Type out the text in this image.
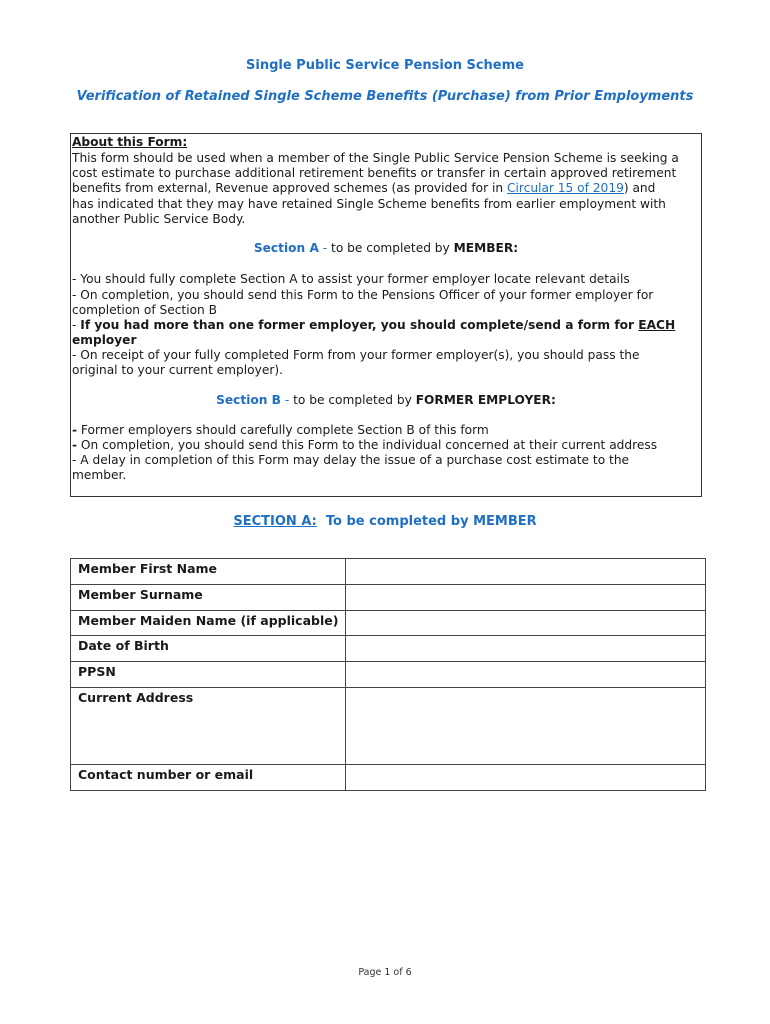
Single Public Service Pension Scheme
Verification of Retained Single Scheme Benefits (Purchase) from Prior Employments
About this Form:
This form should be used when a member of the Single Public Service Pension Scheme is seeking a
cost estimate to purchase additional retirement benefits or transfer in certain approved retirement
benefits from external, Revenue approved schemes (as provided for in Circular 15 of 2019) and
has indicated that they may have retained Single Scheme benefits from earlier employment with
another Public Service Body.
Section A - to be completed by MEMBER:
- You should fully complete Section A to assist your former employer locate relevant details
- On completion, you should send this Form to the Pensions Officer of your former employer for
completion of Section B
- If you had more than one former employer, you should complete/send a form for EACH
employer
- On receipt of your fully completed Form from your former employer(s), you should pass the
original to your current employer).
Section B - to be completed by FORMER EMPLOYER:
- Former employers should carefully complete Section B of this form
- On completion, you should send this Form to the individual concerned at their current address
- A delay in completion of this Form may delay the issue of a purchase cost estimate to the
member.
SECTION A: To be completed by MEMBER
Member First Name	
Member Surname	
Member Maiden Name (if applicable)	
Date of Birth	
PPSN	
Current Address	
Contact number or email	
Page 1 of 6
